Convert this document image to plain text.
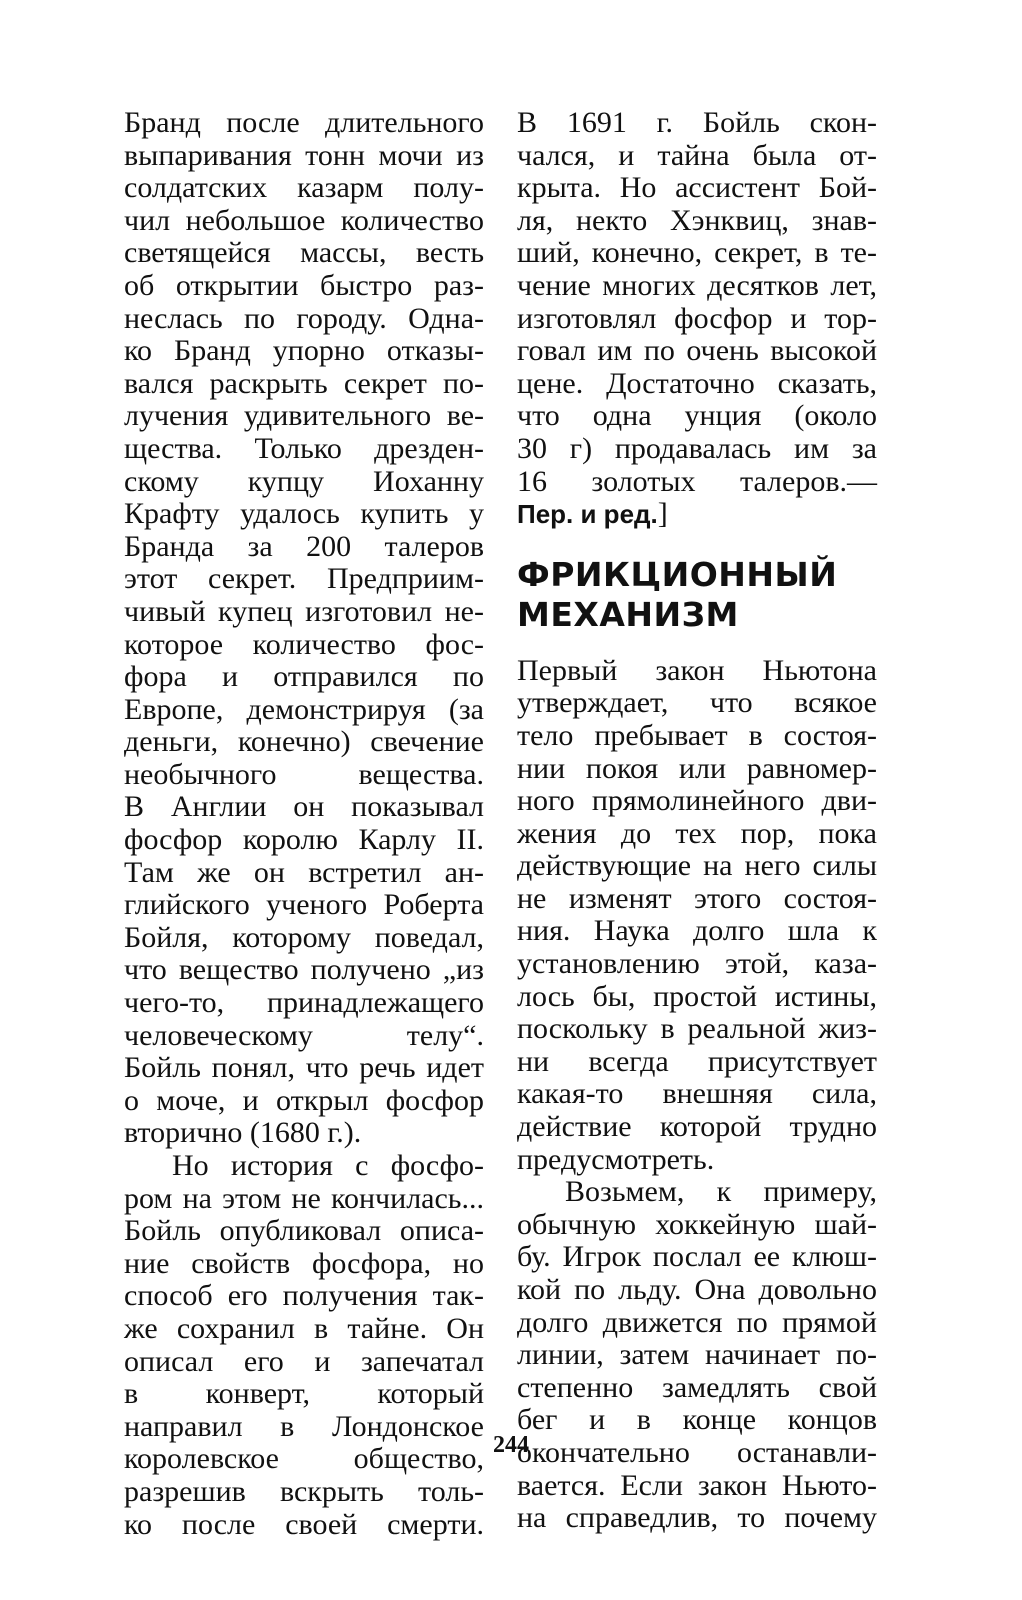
Бранд после длительного
выпаривания тонн мочи из
солдатских казарм полу-
чил небольшое количество
светящейся массы, весть
об открытии быстро раз-
неслась по городу. Одна-
ко Бранд упорно отказы-
вался раскрыть секрет по-
лучения удивительного ве-
щества. Только дрезден-
скому купцу Иоханну
Крафту удалось купить у
Бранда за 200 талеров
этот секрет. Предприим-
чивый купец изготовил не-
которое количество фос-
фора и отправился по
Европе, демонстрируя (за
деньги, конечно) свечение
необычного вещества.
В Англии он показывал
фосфор королю Карлу II.
Там же он встретил ан-
глийского ученого Роберта
Бойля, которому поведал,
что вещество получено „из
чего-то, принадлежащего
человеческому телу“.
Бойль понял, что речь идет
о моче, и открыл фосфор
вторично (1680 г.).
Но история с фосфо-
ром на этом не кончилась...
Бойль опубликовал описа-
ние свойств фосфора, но
способ его получения так-
же сохранил в тайне. Он
описал его и запечатал
в конверт, который
направил в Лондонское
королевское общество,
разрешив вскрыть толь-
ко после своей смерти.
В 1691 г. Бойль скон-
чался, и тайна была от-
крыта. Но ассистент Бой-
ля, некто Хэнквиц, знав-
ший, конечно, секрет, в те-
чение многих десятков лет,
изготовлял фосфор и тор-
говал им по очень высокой
цене. Достаточно сказать,
что одна унция (около
30 г) продавалась им за
16 золотых талеров.—
Пер. и ред.]
ФРИКЦИОННЫЙ
МЕХАНИЗМ
Первый закон Ньютона
утверждает, что всякое
тело пребывает в состоя-
нии покоя или равномер-
ного прямолинейного дви-
жения до тех пор, пока
действующие на него силы
не изменят этого состоя-
ния. Наука долго шла к
установлению этой, каза-
лось бы, простой истины,
поскольку в реальной жиз-
ни всегда присутствует
какая-то внешняя сила,
действие которой трудно
предусмотреть.
Возьмем, к примеру,
обычную хоккейную шай-
бу. Игрок послал ее клюш-
кой по льду. Она довольно
долго движется по прямой
линии, затем начинает по-
степенно замедлять свой
бег и в конце концов
окончательно останавли-
вается. Если закон Ньюто-
на справедлив, то почему
244
